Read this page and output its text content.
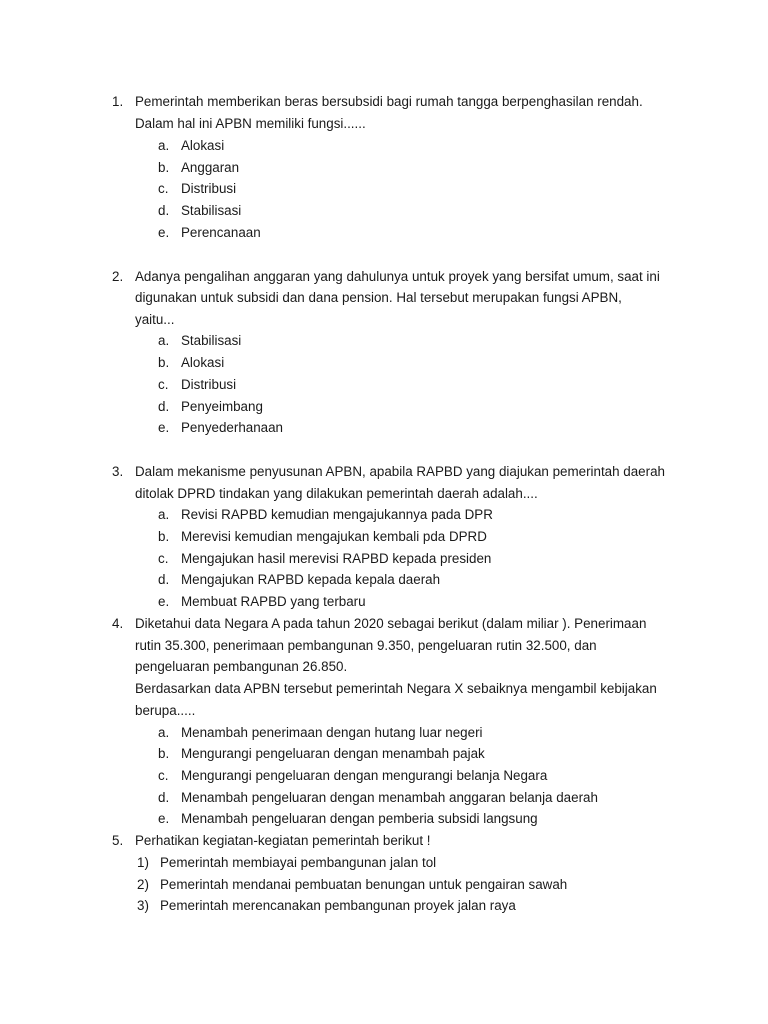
1. Pemerintah memberikan beras bersubsidi bagi rumah tangga berpenghasilan rendah.
Dalam hal ini APBN memiliki fungsi......
a. Alokasi
b. Anggaran
c. Distribusi
d. Stabilisasi
e. Perencanaan
2. Adanya pengalihan anggaran yang dahulunya untuk proyek yang bersifat umum, saat ini
digunakan untuk subsidi dan dana pension. Hal tersebut merupakan fungsi APBN,
yaitu...
a. Stabilisasi
b. Alokasi
c. Distribusi
d. Penyeimbang
e. Penyederhanaan
3. Dalam mekanisme penyusunan APBN, apabila RAPBD yang diajukan pemerintah daerah
ditolak DPRD tindakan yang dilakukan pemerintah daerah adalah....
a. Revisi RAPBD kemudian mengajukannya pada DPR
b. Merevisi kemudian mengajukan kembali pda DPRD
c. Mengajukan hasil merevisi RAPBD kepada presiden
d. Mengajukan RAPBD kepada kepala daerah
e. Membuat RAPBD yang terbaru
4. Diketahui data Negara A pada tahun 2020 sebagai berikut (dalam miliar ). Penerimaan
rutin 35.300, penerimaan pembangunan 9.350, pengeluaran rutin 32.500, dan
pengeluaran pembangunan 26.850.
Berdasarkan data APBN tersebut pemerintah Negara X sebaiknya mengambil kebijakan
berupa.....
a. Menambah penerimaan dengan hutang luar negeri
b. Mengurangi pengeluaran dengan menambah pajak
c. Mengurangi pengeluaran dengan mengurangi belanja Negara
d. Menambah pengeluaran dengan menambah anggaran belanja daerah
e. Menambah pengeluaran dengan pemberia subsidi langsung
5. Perhatikan kegiatan-kegiatan pemerintah berikut !
1) Pemerintah membiayai pembangunan jalan tol
2) Pemerintah mendanai pembuatan benungan untuk pengairan sawah
3) Pemerintah merencanakan pembangunan proyek jalan raya
